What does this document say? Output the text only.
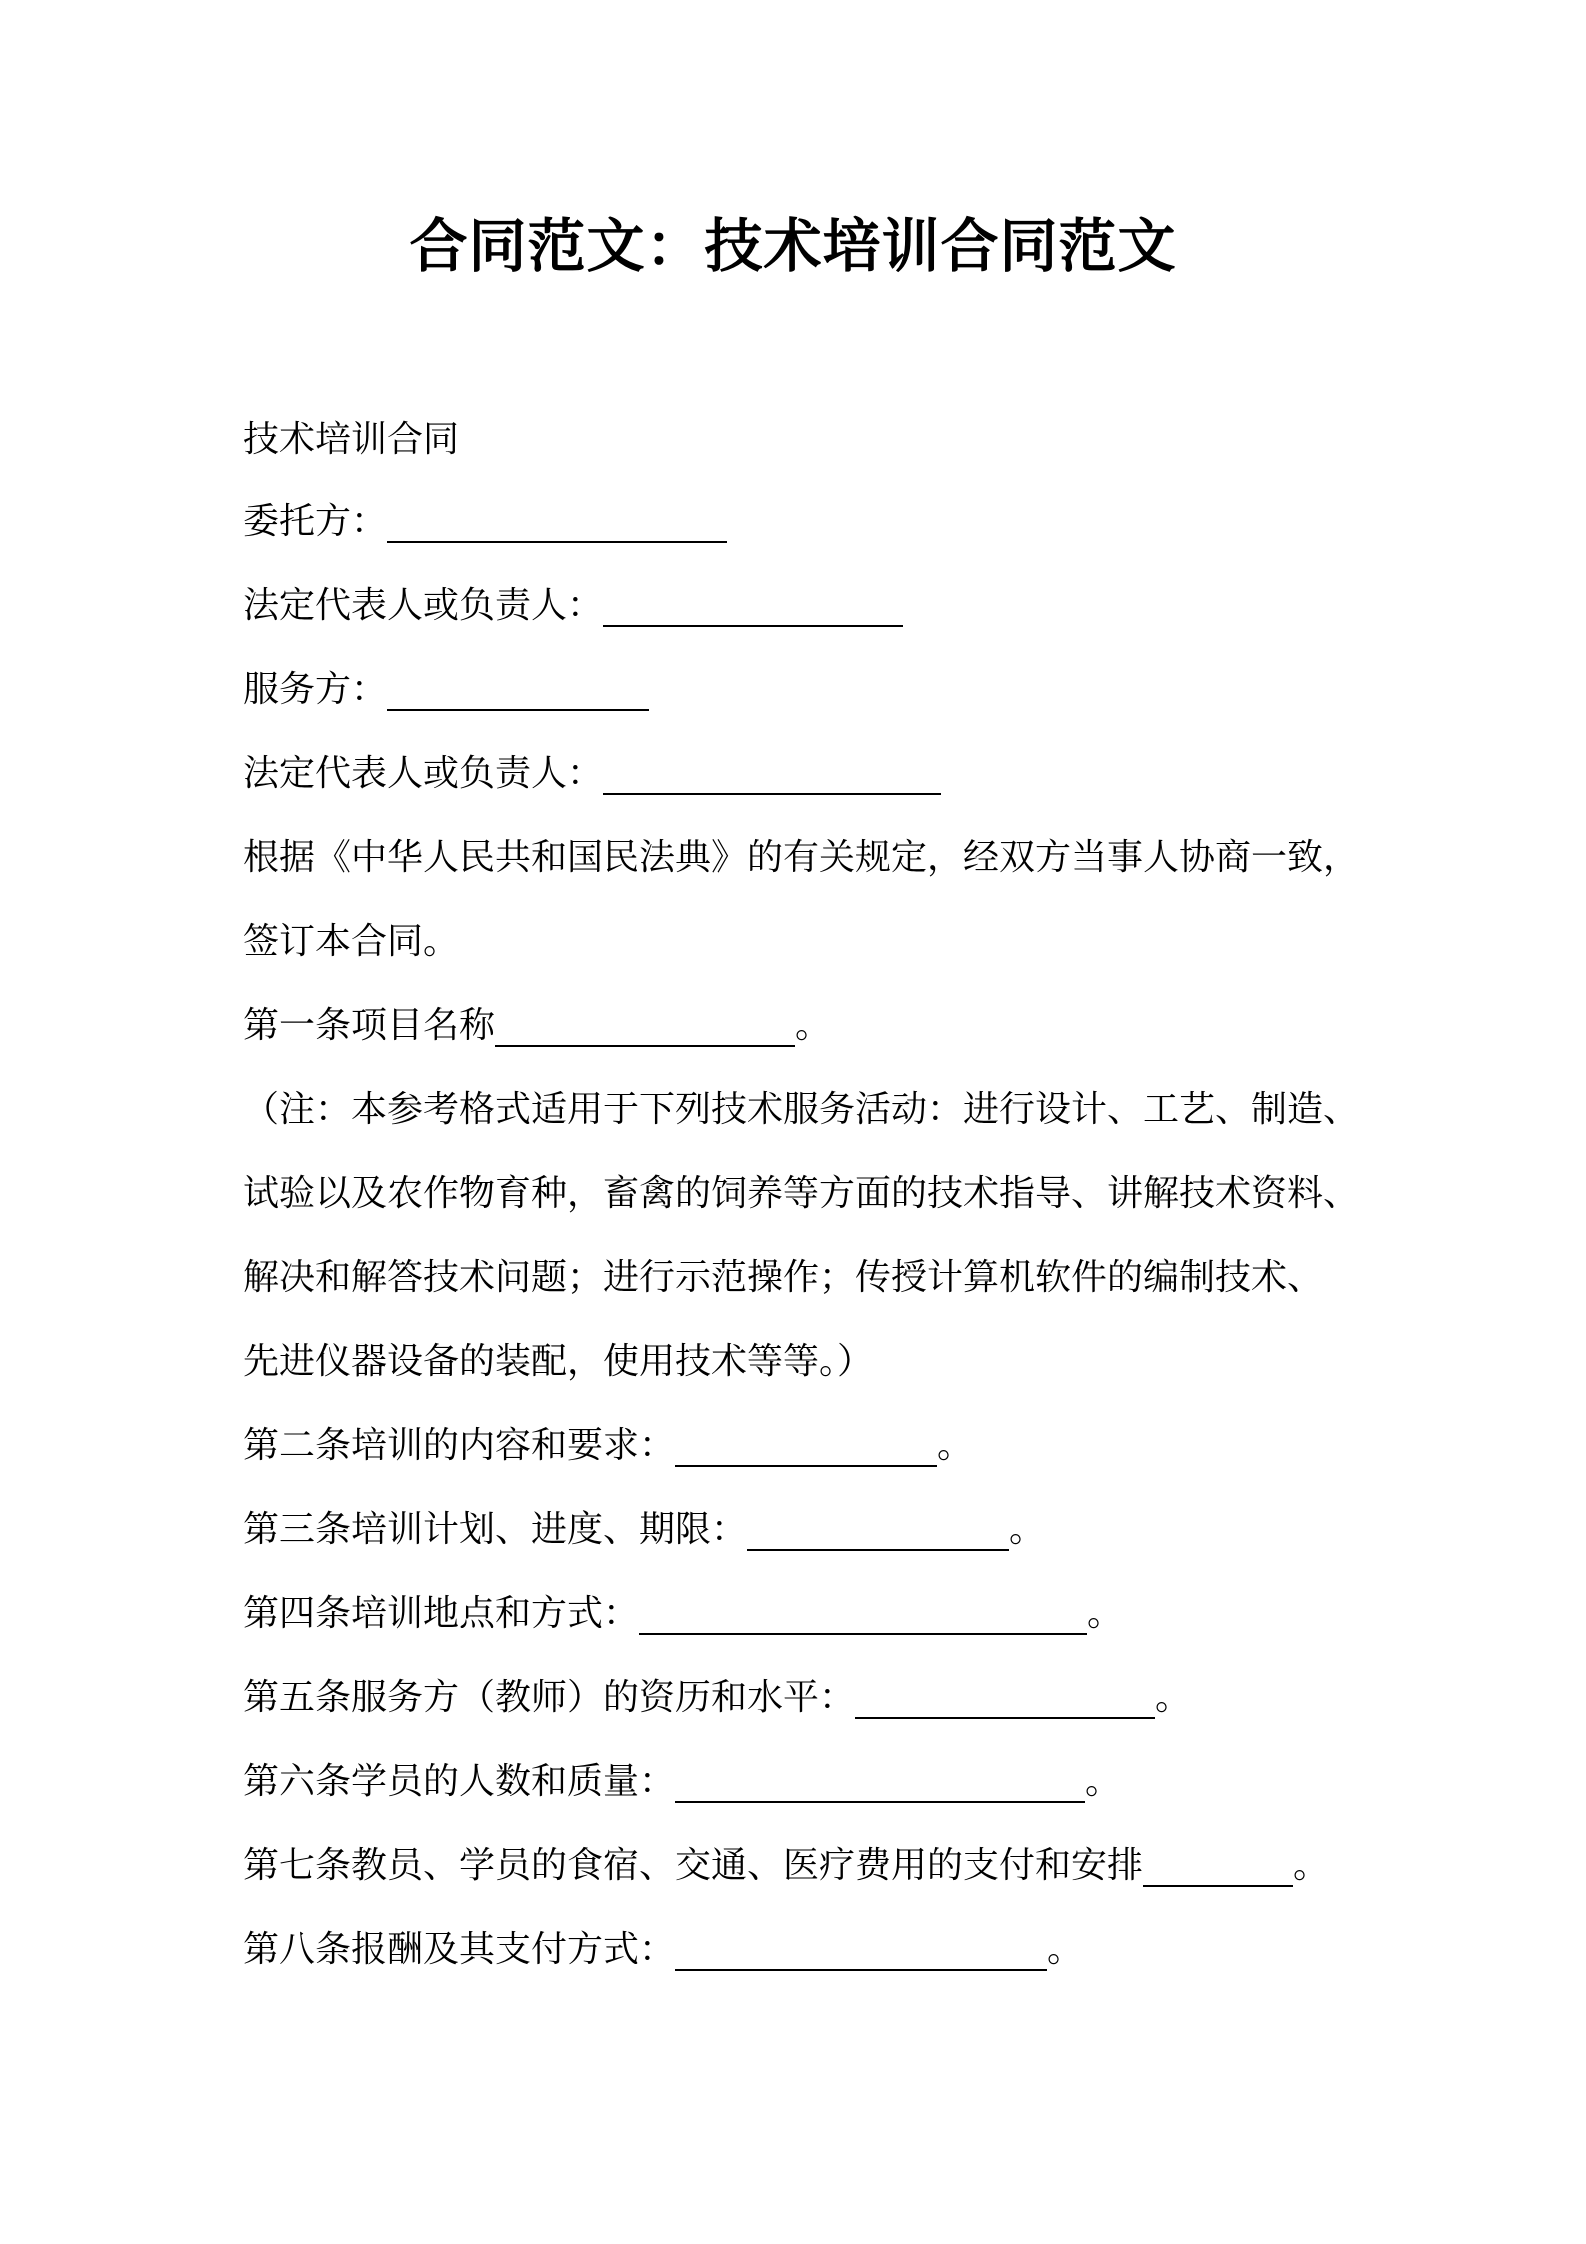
合同范文：技术培训合同范文
技术培训合同
委托方：
法定代表人或负责人：
服务方：
法定代表人或负责人：
根据《中华人民共和国民法典》的有关规定，经双方当事人协商一致，
签订本合同。
第一条项目名称	。
（注：本参考格式适用于下列技术服务活动：进行设计、工艺、制造、
试验以及农作物育种，畜禽的饲养等方面的技术指导、讲解技术资料、
解决和解答技术问题；进行示范操作；传授计算机软件的编制技术、
先进仪器设备的装配，使用技术等等。）
第二条培训的内容和要求：	。
第三条培训计划、进度、期限：	。
第四条培训地点和方式：	。
第五条服务方（教师）的资历和水平：	。
第六条学员的人数和质量：	。
第七条教员、学员的食宿、交通、医疗费用的支付和安排	。
第八条报酬及其支付方式：	。
